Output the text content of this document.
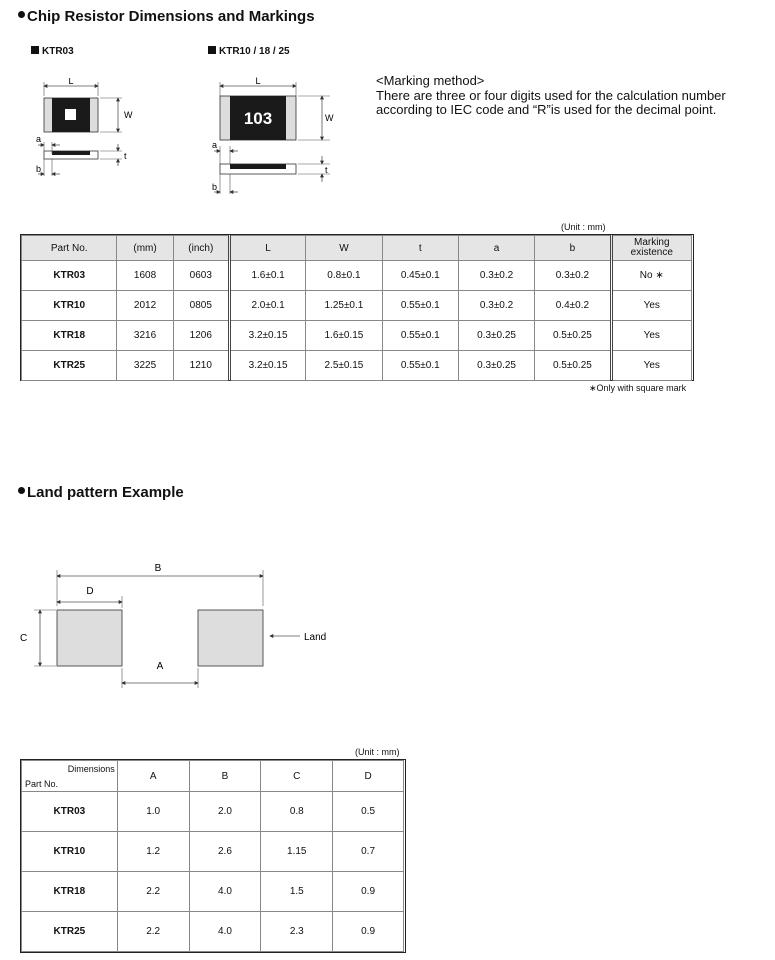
Chip Resistor Dimensions and Markings
KTR03	KTR10 / 18 / 25
L
W
t
a
b
L
103	W
a
t
b
<Marking method>
There are three or four digits used for the calculation number
according to IEC code and “R”is used for the decimal point.
(Unit : mm)
Part No.	(mm)	(inch)	L	W	t	a	b	Marking
existence

KTR03	1608	0603	1.6±0.1	0.8±0.1	0.45±0.1	0.3±0.2	0.3±0.2	No ∗
KTR10	2012	0805	2.0±0.1	1.25±0.1	0.55±0.1	0.3±0.2	0.4±0.2	Yes
KTR18	3216	1206	3.2±0.15	1.6±0.15	0.55±0.1	0.3±0.25	0.5±0.25	Yes
KTR25	3225	1210	3.2±0.15	2.5±0.15	0.55±0.1	0.3±0.25	0.5±0.25	Yes
∗Only with square mark
Land pattern Example
B
D
C
A
Land
(Unit : mm)
Dimensions
Part No.	A	B	C	D
KTR03	1.0	2.0	0.8	0.5
KTR10	1.2	2.6	1.15	0.7
KTR18	2.2	4.0	1.5	0.9
KTR25	2.2	4.0	2.3	0.9
